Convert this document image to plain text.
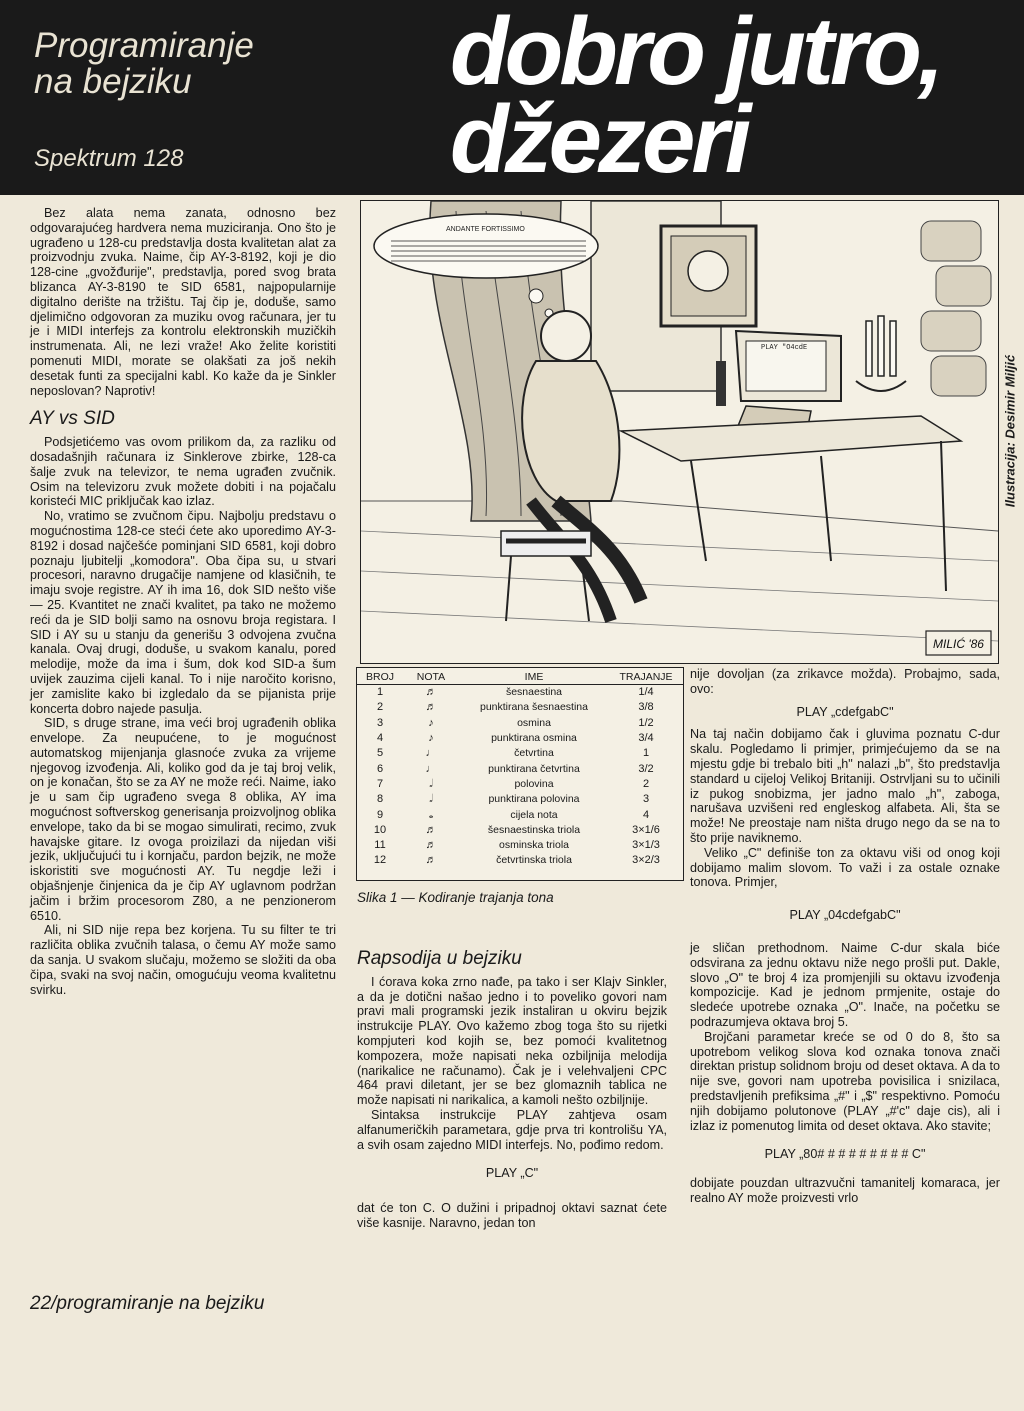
Programiranje
na bejziku
Spektrum 128
dobro jutro,
džezeri

Bez alata nema zanata, odnosno bez odgovarajućeg hardvera nema muziciranja. Ono što je ugrađeno u 128-cu predstavlja dosta kvalitetan alat za proizvodnju zvuka. Naime, čip AY-3-8192, koji je dio 128-cine „gvožđurije", predstavlja, pored svog brata blizanca AY-3-8190 te SID 6581, najpopularnije digitalno derište na tržištu. Taj čip je, doduše, samo djelimično odgovoran za muziku ovog računara, jer tu je i MIDI interfejs za kontrolu elektronskih muzičkih instrumenata. Ali, ne lezi vraže! Ako želite koristiti pomenuti MIDI, morate se olakšati za još nekih desetak funti za specijalni kabl. Ko kaže da je Sinkler neposlovan? Naprotiv!

AY vs SID

Podsjetićemo vas ovom prilikom da, za razliku od dosadašnjih računara iz Sinklerove zbirke, 128-ca šalje zvuk na televizor, te nema ugrađen zvučnik. Osim na televizoru zvuk možete dobiti i na pojačalu koristeći MIC priključak kao izlaz.

No, vratimo se zvučnom čipu. Najbolju predstavu o mogućnostima 128-ce steći ćete ako uporedimo AY-3-8192 i dosad najčešće pominjani SID 6581, koji dobro poznaju ljubitelji „komodora". Oba čipa su, u stvari procesori, naravno drugačije namjene od klasičnih, te imaju svoje registre. AY ih ima 16, dok SID nešto više — 25. Kvantitet ne znači kvalitet, pa tako ne možemo reći da je SID bolji samo na osnovu broja registara. I SID i AY su u stanju da generišu 3 odvojena zvučna kanala. Ovaj drugi, doduše, u svakom kanalu, pored melodije, može da ima i šum, dok kod SID-a šum uvijek zauzima cijeli kanal. To i nije naročito korisno, jer zamislite kako bi izgledalo da se pijanista prije koncerta dobro najede pasulja.

SID, s druge strane, ima veći broj ugrađenih oblika envelope. Za neupućene, to je mogućnost automatskog mijenjanja glasnoće zvuka za vrijeme njegovog izvođenja. Ali, koliko god da je taj broj velik, on je konačan, što se za AY ne može reći. Naime, iako je u sam čip ugrađeno svega 8 oblika, AY ima mogućnost softverskog generisanja proizvoljnog oblika envelope, tako da bi se mogao simulirati, recimo, zvuk havajske gitare. Iz ovoga proizilazi da nijedan viši jezik, uključujući tu i kornjaču, pardon bejzik, ne može iskoristiti sve mogućnosti AY. Tu negdje leži i objašnjenje činjenica da je čip AY uglavnom podržan jačim i bržim procesorom Z80, a ne penzionerom 6510.

Ali, ni SID nije repa bez korjena. Tu su filter te tri različita oblika zvučnih talasa, o čemu AY može samo da sanja. U svakom slučaju, možemo se složiti da oba čipa, svaki na svoj način, omogućuju veoma kvalitetnu svirku.

22/programiranje na bejziku
ANDANTE FORTISSIMO
PLAY "O4cdE
MILIĆ '86
Ilustracija: Desimir Miljić
BROJ	NOTA	IME	TRAJANJE
1	♬	šesnaestina	1/4
2	♬	punktirana šesnaestina	3/8
3	♪	osmina	1/2
4	♪	punktirana osmina	3/4
5	♩	četvrtina	1
6	♩	punktirana četvrtina	3/2
7	𝅗𝅥	polovina	2
8	𝅗𝅥	punktirana polovina	3
9	𝅝	cijela nota	4
10	♬	šesnaestinska triola	3×1/6
11	♬	osminska triola	3×1/3
12	♬	četvrtinska triola	3×2/3
Slika 1 — Kodiranje trajanja tona
Rapsodija u bejziku

I ćorava koka zrno nađe, pa tako i ser Klajv Sinkler, a da je dotični našao jedno i to poveliko govori nam pravi mali programski jezik instaliran u okviru bejzik instrukcije PLAY. Ovo kažemo zbog toga što su rijetki kompjuteri kod kojih se, bez pomoći kvalitetnog kompozera, može napisati neka ozbiljnija melodija (narikalice ne računamo). Čak je i velehvaljeni CPC 464 pravi diletant, jer se bez glomaznih tablica ne može napisati ni narikalica, a kamoli nešto ozbiljnije.

Sintaksa instrukcije PLAY zahtjeva osam alfanumeričkih parametara, gdje prva tri kontrolišu YA, a svih osam zajedno MIDI interfejs. No, pođimo redom.

PLAY „C"

dat će ton C. O dužini i pripadnoj oktavi saznat ćete više kasnije. Naravno, jedan ton

nije dovoljan (za zrikavce možda). Probajmo, sada, ovo:

PLAY „cdefgabC"

Na taj način dobijamo čak i gluvima poznatu C-dur skalu. Pogledamo li primjer, primjećujemo da se na mjestu gdje bi trebalo biti „h" nalazi „b", što predstavlja standard u cijeloj Velikoj Britaniji. Ostrvljani su to učinili iz pukog snobizma, jer jadno malo „h", zaboga, narušava uzvišeni red engleskog alfabeta. Ali, šta se može! Ne preostaje nam ništa drugo nego da se na to što prije naviknemo.

Veliko „C" definiše ton za oktavu viši od onog koji dobijamo malim slovom. To važi i za ostale oznake tonova. Primjer,

PLAY „04cdefgabC"

je sličan prethodnom. Naime C-dur skala biće odsvirana za jednu oktavu niže nego prošli put. Dakle, slovo „O" te broj 4 iza promjenjili su oktavu izvođenja kompozicije. Kad je jednom prmjenite, ostaje do sledeće upotrebe oznaka „O". Inače, na početku se podrazumjeva oktava broj 5.

Brojčani parametar kreće se od 0 do 8, što sa upotrebom velikog slova kod oznaka tonova znači direktan pristup solidnom broju od deset oktava. A da to nije sve, govori nam upotreba povisilica i snizilaca, predstavljenih prefiksima „#" i „$" respektivno. Pomoću njih dobijamo polutonove (PLAY „#'c" daje cis), ali i izlaz iz pomenutog limita od deset oktava. Ako stavite;

PLAY „80# # # # # # # # # C"

dobijate pouzdan ultrazvučni tamanitelj komaraca, jer realno AY može proizvesti vrlo
